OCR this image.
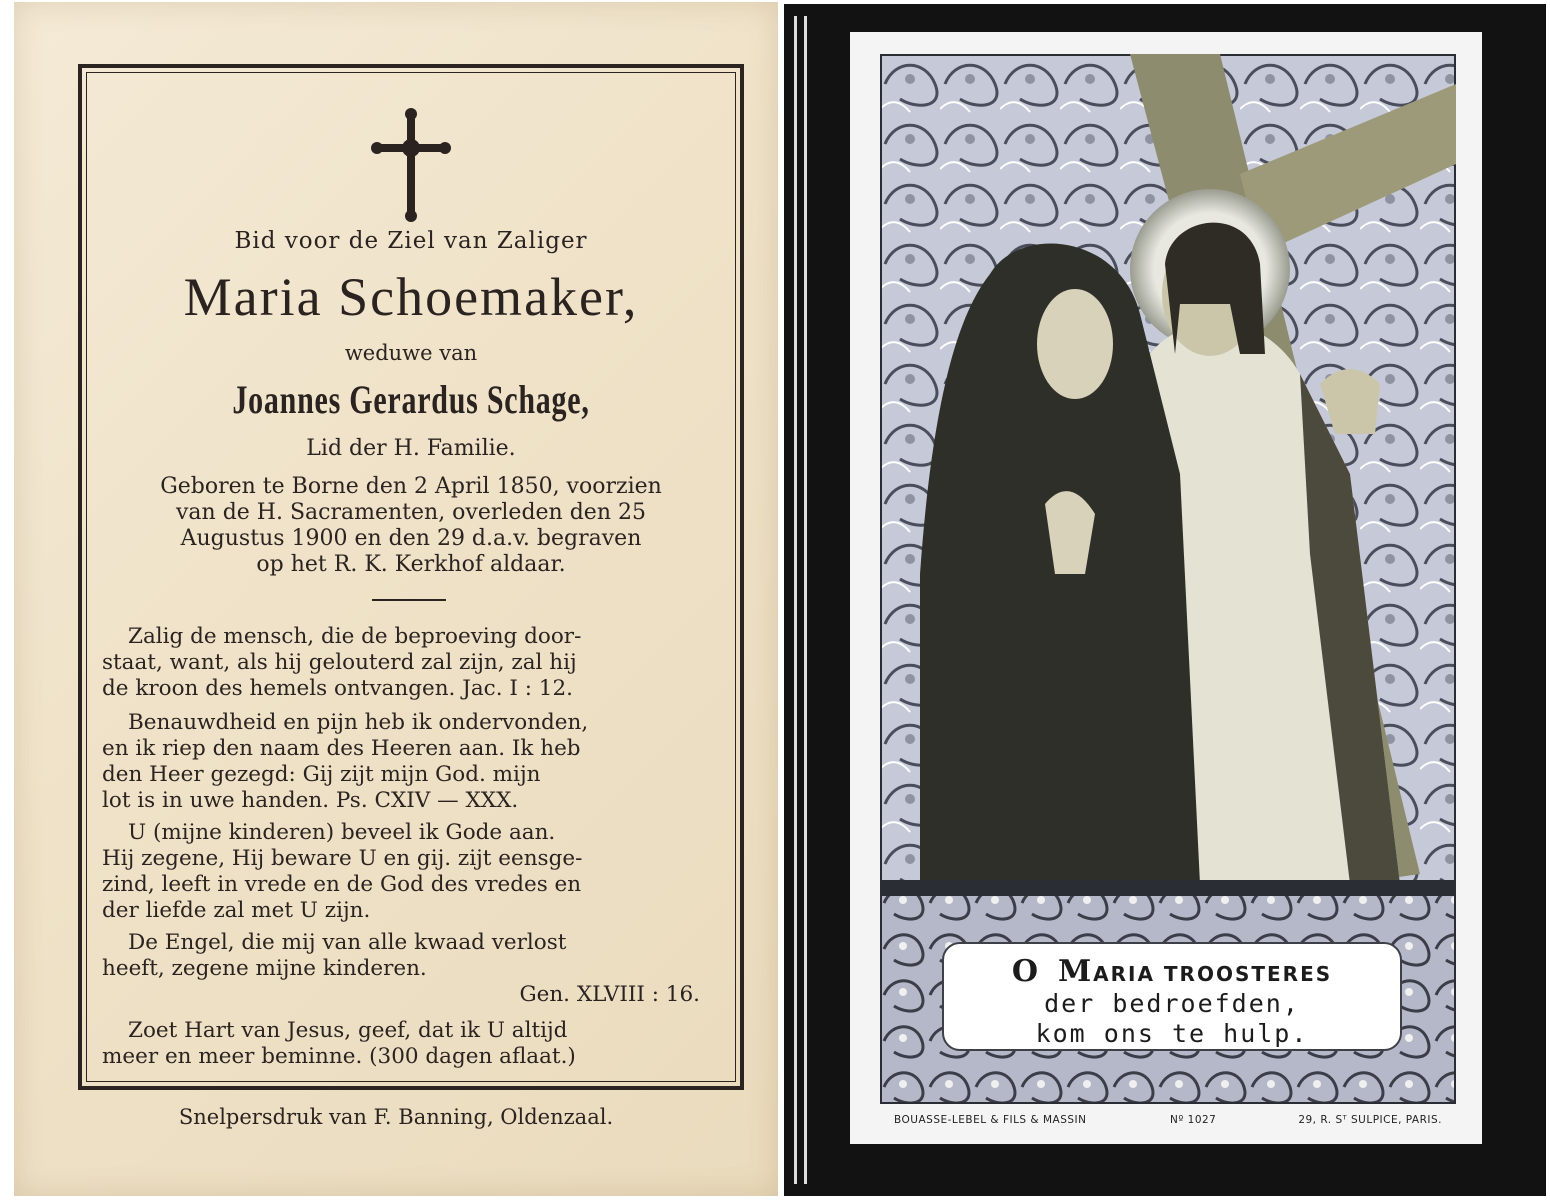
Bid voor de Ziel van Zaliger
Maria Schoemaker,
weduwe van
Joannes Gerardus Schage,
Lid der H. Familie.
Geboren te Borne den 2 April 1850, voorzien
van de H. Sacramenten, overleden den 25
Augustus 1900 en den 29 d.a.v. begraven
op het R. K. Kerkhof aldaar.
Zalig de mensch, die de beproeving door-
staat, want, als hij gelouterd zal zijn, zal hij
de kroon des hemels ontvangen. Jac. I : 12.
Benauwdheid en pijn heb ik ondervonden,
en ik riep den naam des Heeren aan. Ik heb
den Heer gezegd: Gij zijt mijn God. mijn
lot is in uwe handen. Ps. CXIV — XXX.
U (mijne kinderen) beveel ik Gode aan.
Hij zegene, Hij beware U en gij. zijt eensge-
zind, leeft in vrede en de God des vredes en
der liefde zal met U zijn.
De Engel, die mij van alle kwaad verlost
heeft, zegene mijne kinderen.
Gen. XLVIII : 16.
Zoet Hart van Jesus, geef, dat ik U altijd
meer en meer beminne. (300 dagen aflaat.)
Snelpersdruk van F. Banning, Oldenzaal.
O MARIA TROOSTERES
der bedroefden,
kom ons te hulp.
BOUASSE-LEBEL & FILS & MASSIN	Nº 1027	29, R. Sᵀ SULPICE, PARIS.
